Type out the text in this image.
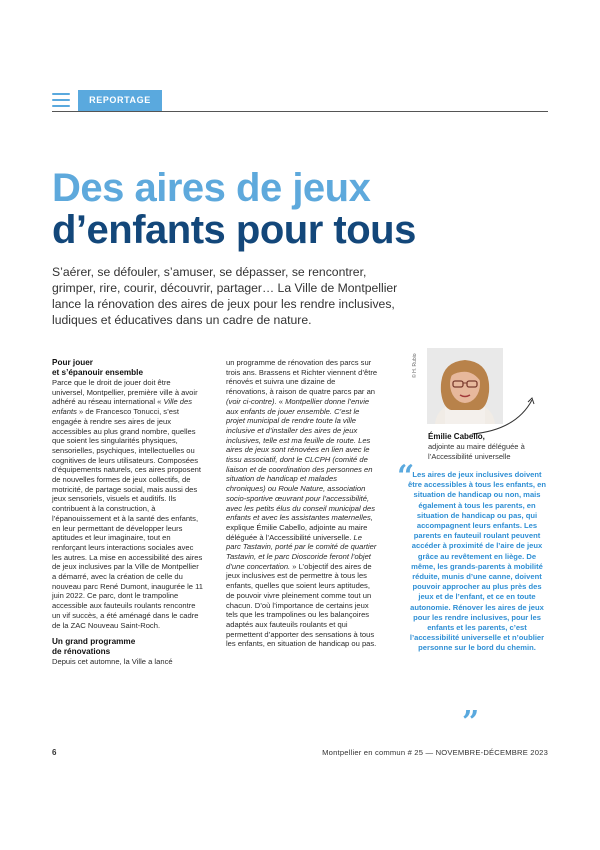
REPORTAGE
Des aires de jeux
d’enfants pour tous
S’aérer, se défouler, s’amuser, se dépasser, se rencontrer, grimper, rire, courir, découvrir, partager… La Ville de Montpellier lance la rénovation des aires de jeux pour les rendre inclusives, ludiques et éducatives dans un cadre de nature.

Pour jouer

et s’épanouir ensemble

Parce que le droit de jouer doit être universel, Montpellier, première ville à avoir adhéré au réseau international « Ville des enfants » de Francesco Tonucci, s’est engagée à rendre ses aires de jeux accessibles au plus grand nombre, quelles que soient les singularités physiques, sensorielles, psychiques, intellectuelles ou cognitives de leurs utilisateurs. Composées d’équipements naturels, ces aires proposent de nouvelles formes de jeux collectifs, de motricité, de partage social, mais aussi des jeux sensoriels, visuels et auditifs. Ils contribuent à la construction, à l’épanouissement et à la santé des enfants, en leur permettant de développer leurs aptitudes et leur imaginaire, tout en renforçant leurs interactions sociales avec les autres. La mise en accessibilité des aires de jeux inclusives par la Ville de Montpellier a démarré, avec la création de celle du nouveau parc René Dumont, inaugurée le 11 juin 2022. Ce parc, dont le trampoline accessible aux fauteuils roulants rencontre un vif succès, a été aménagé dans le cadre de la ZAC Nouveau Saint-Roch.

Un grand programme

de rénovations

Depuis cet automne, la Ville a lancé

un programme de rénovation des parcs sur trois ans. Brassens et Richter viennent d’être rénovés et suivra une dizaine de rénovations, à raison de quatre parcs par an (voir ci-contre). « Montpellier donne l’envie aux enfants de jouer ensemble. C’est le projet municipal de rendre toute la ville inclusive et d’installer des aires de jeux inclusives, telle est ma feuille de route. Les aires de jeux sont rénovées en lien avec le tissu associatif, dont le CLCPH (comité de liaison et de coordination des personnes en situation de handicap et malades chroniques) ou Roule Nature, association socio-sportive œuvrant pour l’accessibilité, avec les petits élus du conseil municipal des enfants et avec les assistantes maternelles, explique Émilie Cabello, adjointe au maire déléguée à l’Accessibilité universelle. Le parc Tastavin, porté par le comité de quartier Tastavin, et le parc Dioscoride feront l’objet d’une concertation. » L’objectif des aires de jeux inclusives est de permettre à tous les enfants, quelles que soient leurs aptitudes, de pouvoir vivre pleinement comme tout un chacun. D’où l’importance de certains jeux tels que les trampolines ou les balançoires adaptés aux fauteuils roulants et qui permettent d’apporter des sensations à tous les enfants, en situation de handicap ou pas.

© H. Rubio
Émilie Cabello,
adjointe au maire déléguée à l’Accessibilité universelle
“
Les aires de jeux inclusives doivent être accessibles à tous les enfants, en situation de handicap ou non, mais également à tous les parents, en situation de handicap ou pas, qui accompagnent leurs enfants. Les parents en fauteuil roulant peuvent accéder à proximité de l’aire de jeux grâce au revêtement en liège. De même, les grands-parents à mobilité réduite, munis d’une canne, doivent pouvoir approcher au plus près des jeux et de l’enfant, et ce en toute autonomie. Rénover les aires de jeux pour les rendre inclusives, pour les enfants et les parents, c’est l’accessibilité universelle et n’oublier personne sur le bord du chemin.
”
6	Montpellier en commun # 25 — NOVEMBRE-DÉCEMBRE 2023
